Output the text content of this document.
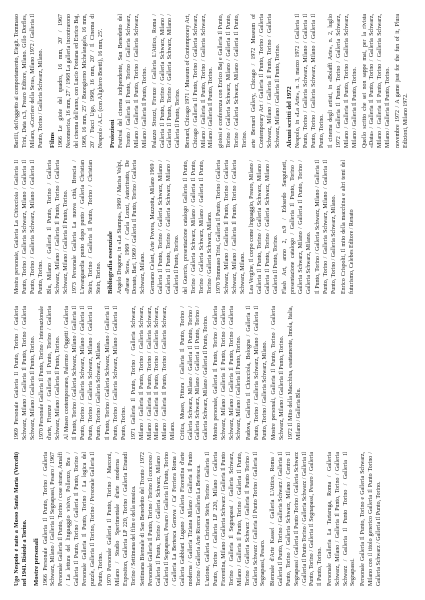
Ugo Nespolo è nato a Mosso Santa Maria (Vercelli) nel 1941. Risiede a Torino. Mostre personali 1966 Personale Galleria Il Punto, Torino / Galleria Schwarz, Milano / Galleria Il Segnapassi, Pesaro / 1967 Personale Galleria Il Punto, Torino / cose strane, Amalfi / La lettura del linguaggio visivo, Pollenzo, Bra / Galleria Il Punto, Torino / Galleria Il Punto, Torino / Personale Galleria Il Punto, Torino / La logica del puzzle, Galleria Il Torino, Torino / Personale Galleria Il Punto, Torino. 1970 Personale Galleria Il Punto, Torino / Marconi, Milano / Studio Sperimentale d'arte moderna / Expositon, Galleria LP 220, Torino / Galleria Einaudi Torino / Settimana del film e della musica. Settimana Biennale di San Benedetto del Tronto / 1972 Personale Galleria Il Punto, Torino / Torino Il concorso / Galleria Il Punto, Torino / Galleria Schwarz, Milano / Galleria Il Segnapassi, Pesaro / Galleria Il Punto, Torino / Galleria La Bertesca Genova / Ca' Ferriera Roma / Galleria Gabbiani Lugano / Galleria Fiorentina d'arte moderna / Galleria Tiziana Milano / Galleria Il Punto Torino / Galleria Arte Ricerca Galleria La Bertesca. L'azione, Galleria Christian Stein, Torino / Galleria Il Punto, Torino / Galleria LP 220, Milano / Galleria Fiorentina, Milano / Galleria Schwarz / Galleria Il Punto Torino / Galleria Il Segnapassi / Galleria Schwarz, Milano / Galleria Il Punto, Torino / Galleria Il Punto, Torino / Galleria Schwarz / Galleria Il Punto Torino / Galleria Schwarz / Galleria Il Punto Torino / Galleria Il Segnapassi, Pesaro. Biennale d'Arte Kassel / Galleria L'Attico, Roma / Galleria Il Punto, Torino / Galleria Schwarz / Galleria Il Punto, Torino / Galleria Schwarz, Milano / Centro Il Segnapassi / Galleria Il Punto Torino / Galleria Schwarz / Galleria Il Punto Torino / Galleria Schwarz / Galleria Il Punto, Torino / Galleria Il Segnapassi, Pesaro / Galleria Il Punto, Torino. Personale Galleria La Tartaruga, Roma / Galleria Schwarz, Milano / Galleria Il Punto, Torino / Galleria Schwarz / Galleria Il Punto Torino / Galleria Il Segnapassi. Personale Galleria Il Punto, Torino e Galleria Schwarz, Milano con il titolo generico Galleria Il Punto Torino / Galleria Schwarz / Galleria Il Punto, Torino.

1969 Personale Galleria Il Punto, Torino / Galleria Schwarz, Milano / Galleria Il Punto, Torino / Galleria Schwarz, Milano / Galleria Il Punto, Torino. 1970 Personale Galleria Il Punto, Torino / Internazionale d'arte, Firenze / Galleria Il Punto, Torino / Galleria Schwarz, Milano / Galleria Il Punto, Torino. Al Museo contemporaneo, Palermo / Oggetti / Galleria Il Punto, Torino / Galleria Schwarz, Milano / Galleria Il Punto, Torino / Galleria Schwarz, Milano / Galleria Il Punto, Torino / Galleria Schwarz, Milano / Galleria Il Punto, Torino / Galleria Schwarz, Milano. Il Punto, Torino / Galleria Schwarz, Milano / Galleria Il Punto, Torino / Galleria Schwarz, Milano / Galleria Il Punto, Torino. 1971 Galleria Il Punto, Torino / Galleria Schwarz, Milano / Galleria Il Punto, Torino / Galleria Schwarz, Milano / Galleria Il Punto, Torino / Galleria Schwarz, Milano / Galleria Il Punto, Torino / Galleria Schwarz, Milano / Galleria Il Punto, Torino / Galleria Schwarz, Milano. Critica, Museo, Pittura / Galleria Il Punto, Torino / Galleria Schwarz, Milano / Galleria Il Punto, Torino / Galleria Schwarz, Milano / Galleria Il Punto, Torino / Galleria Schwarz, Milano / Galleria Il Punto, Torino. Mostra personale, Galleria Il Punto, Torino / Galleria Schwarz, Milano / Galleria Il Punto, Torino / Galleria Schwarz, Milano / Galleria Il Punto, Torino / Galleria Schwarz, Milano / Galleria Il Punto, Torino. Padova, Galleria Il Chiocciola, Bologna / Galleria Il Punto, Torino / Galleria Schwarz, Milano / Galleria Il Punto, Torino / Galleria Schwarz, Milano. Mostre personali, Galleria Il Punto, Torino / Galleria Schwarz, Milano / Galleria Il Punto, Torino. 1972 Il Mito della Macchina, esattamente, Imola, Italia, Milano / Galleria Blu.

Mostra personale, Galleria La Chiocciola / Galleria Il Punto, Torino / Galleria Schwarz, Milano / Galleria Il Punto, Torino / Galleria Schwarz, Milano / Galleria Il Punto, Torino. Blu, Milano / Galleria Il Punto, Torino / Galleria Schwarz, Milano / Galleria Il Punto, Torino / Galleria Schwarz, Milano / Galleria Il Punto, Torino. 1973 Personale Galleria La nuova città, Brescia / L'avanguardia punto dopo punto / Galleria Christian Stein, Torino / Galleria Il Punto, Torino / Christian Stein, Torino. Bibliografia essenziale Angelo Dragone, in «La Stampa», 1969 / Marisa Volpi, «Paese Sera», 1969 / Carla Lonzi, Autoritratto, De Donato, Bari, 1969 / Galleria Il Punto, Torino / Galleria Schwarz, Milano. Germano Celant, Arte Povera, Mazzotta, Milano 1969 / Galleria Il Punto, Torino / Galleria Schwarz, Milano / Galleria Il Punto, Torino / Galleria Schwarz, Milano / Galleria Il Punto, Torino. del Guercio, presentazione catalogo Galleria Il Punto, Torino / Galleria Schwarz, Milano / Galleria Il Punto, Torino / Galleria Schwarz, Milano / Galleria Il Punto, Torino / Galleria Schwarz, Milano. 1970 Tommaso Trini, Galleria Il Punto, Torino / Galleria Schwarz, Milano / Galleria Il Punto, Torino / Galleria Schwarz, Milano / Galleria Il Punto, Torino / Galleria Schwarz, Milano. Lea Vergine, Il corpo come linguaggio, Prearo, Milano / Galleria Il Punto, Torino / Galleria Schwarz, Milano / Galleria Il Punto, Torino / Galleria Schwarz, Milano / Galleria Il Punto, Torino. Flash Art, anno 2, n.9 / Edoardo Sanguineti, presentazione catalogo / Galleria Il Punto, Torino / Galleria Schwarz, Milano / Galleria Il Punto, Torino / Galleria Schwarz, Milano. Il Punto, Torino / Galleria Schwarz, Milano / Galleria Il Punto, Torino / Galleria Schwarz, Milano / Galleria Il Punto, Torino / Galleria Schwarz, Milano. Enrico Crispolti, Il mito della macchina e altri temi del futurismo, Celebes Editore / Renato

Barilli, dell'oggetto al comportamento, Elegit. Tommaso Trini, Data n.3, Prearo Editore, Milano. Gillo Dorfles, Milano, «Corriere della Sera», Milano 1972 / Galleria Il Punto, Torino / Galleria Schwarz, Milano. Films 1966 Le gioie del quadro, 16 mm, 20' / 1967 Neonmerica, 16 mm, 27' / 1968 La galleria incontrarono del cinema dell'anno, con Lucio Fontana ed Enrico Baj, 1968, 16 mm, 25' / Buongiorno Michelangelo, 16 mm, 20' / Tucci Ugo, 1968, 16 mm, 20' / Il Cinema di Nespolo / A.C. (con Alighiero Boetti), 16 mm, 25'. Proiezioni Festival del cinema indipendente, San Benedetto del Tronto / Galleria Il Punto, Torino / Galleria Schwarz, Milano / Galleria Il Punto, Torino / Galleria Schwarz, Milano / Galleria Il Punto, Torino. Palazzo Strozzi, Firenze / Galleria L'Attico, Roma / Galleria Il Punto, Torino / Galleria Schwarz, Milano / Galleria Il Punto, Torino / Galleria Schwarz, Milano / Galleria Il Punto, Torino. Bernard, Chicago 1971 / Museum of Contemporary Art, Chicago / Galleria Il Punto, Torino / Galleria Schwarz, Milano / Galleria Il Punto, Torino / Galleria Schwarz, Milano / Galleria Il Punto, Torino. gioiosi e conferenza con Enrico Baj e Galleria Il Punto, Torino / Galleria Schwarz, Milano / Galleria Il Punto, Torino / Galleria Schwarz, Milano / Galleria Il Punto, Torino. arte Bernard Gallery, Chicago / 1972 Museum of Contemporary Art / Galleria Il Punto, Torino / Galleria Schwarz, Milano / Galleria Il Punto, Torino / Galleria Schwarz, Milano / Galleria Il Punto, Torino. Alcuni scritti del 1972 Nespolo, in «La Arte», n. 3, marzo 1972 / Galleria Il Punto, Torino / Galleria Schwarz, Milano / Galleria Il Punto, Torino / Galleria Schwarz, Milano / Galleria Il Punto, Torino. Il cinema degli artisti, in «Bolaffi Arte», n. 2, luglio 1972 / Galleria Il Punto, Torino / Galleria Schwarz, Milano / Galleria Il Punto, Torino / Galleria Schwarz, Milano / Galleria Il Punto, Torino. Quello scritto che sei non sappe mai, per la rivista «Data» / Galleria Il Punto, Torino / Galleria Schwarz, Milano / Galleria Il Punto, Torino / Galleria Schwarz, Milano / Galleria Il Punto, Torino. novembre 1972 / A game just for the fun of it, Plura Edizioni, Milano 1972.
